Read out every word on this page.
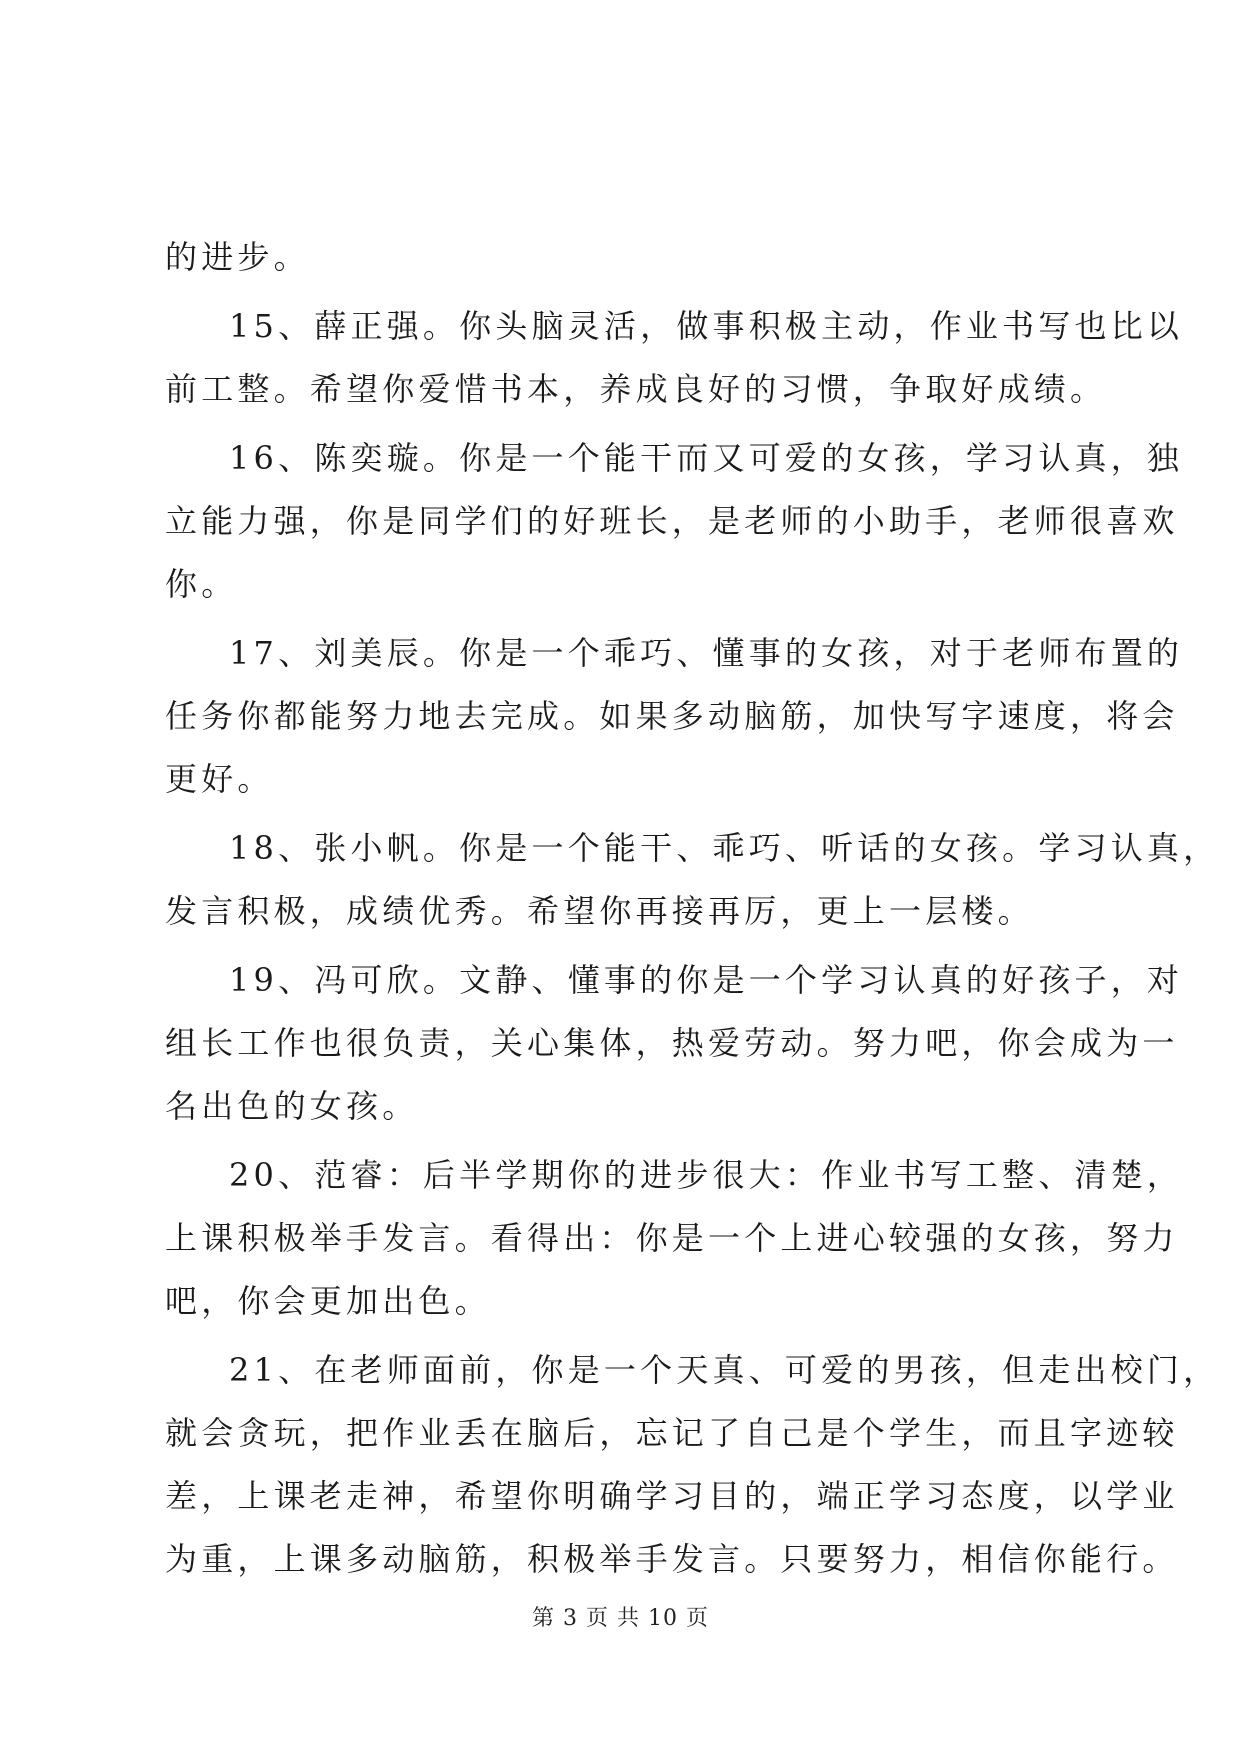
的进步。
15、薛正强。你头脑灵活，做事积极主动，作业书写也比以
前工整。希望你爱惜书本，养成良好的习惯，争取好成绩。
16、陈奕璇。你是一个能干而又可爱的女孩，学习认真，独
立能力强，你是同学们的好班长，是老师的小助手，老师很喜欢
你。
17、刘美辰。你是一个乖巧、懂事的女孩，对于老师布置的
任务你都能努力地去完成。如果多动脑筋，加快写字速度，将会
更好。
18、张小帆。你是一个能干、乖巧、听话的女孩。学习认真，
发言积极，成绩优秀。希望你再接再厉，更上一层楼。
19、冯可欣。文静、懂事的你是一个学习认真的好孩子，对
组长工作也很负责，关心集体，热爱劳动。努力吧，你会成为一
名出色的女孩。
20、范睿：后半学期你的进步很大：作业书写工整、清楚，
上课积极举手发言。看得出：你是一个上进心较强的女孩，努力
吧，你会更加出色。
21、在老师面前，你是一个天真、可爱的男孩，但走出校门，
就会贪玩，把作业丢在脑后，忘记了自己是个学生，而且字迹较
差，上课老走神，希望你明确学习目的，端正学习态度，以学业
为重，上课多动脑筋，积极举手发言。只要努力，相信你能行。
第 3 页 共 10 页
